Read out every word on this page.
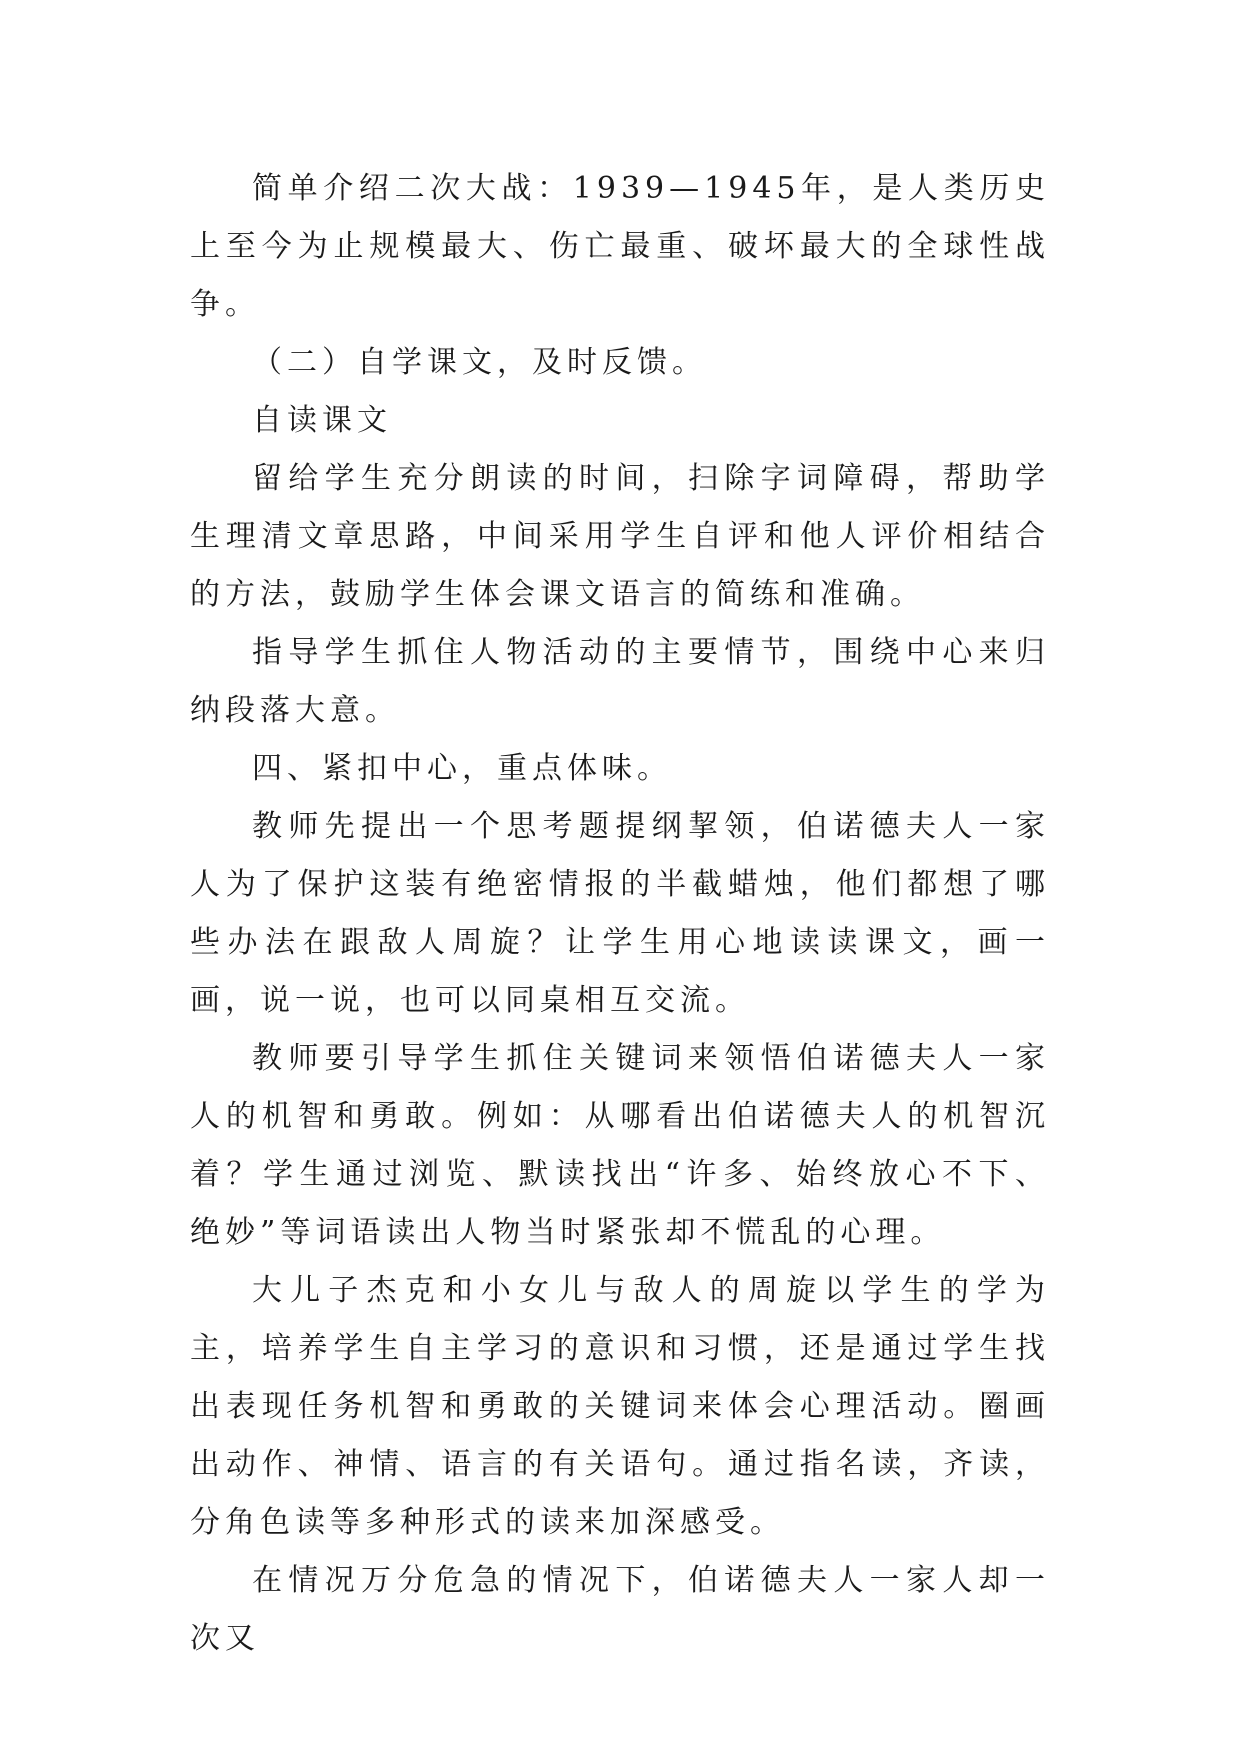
简单介绍二次大战：1939—1945年，是人类历史上至今为止规模最大、伤亡最重、破坏最大的全球性战争。

（二）自学课文，及时反馈。

自读课文

留给学生充分朗读的时间，扫除字词障碍，帮助学生理清文章思路，中间采用学生自评和他人评价相结合的方法，鼓励学生体会课文语言的简练和准确。

指导学生抓住人物活动的主要情节，围绕中心来归纳段落大意。

四、紧扣中心，重点体味。

教师先提出一个思考题提纲挈领，伯诺德夫人一家人为了保护这装有绝密情报的半截蜡烛，他们都想了哪些办法在跟敌人周旋？让学生用心地读读课文，画一画，说一说，也可以同桌相互交流。

教师要引导学生抓住关键词来领悟伯诺德夫人一家人的机智和勇敢。例如：从哪看出伯诺德夫人的机智沉着？学生通过浏览、默读找出“许多、始终放心不下、绝妙”等词语读出人物当时紧张却不慌乱的心理。

大儿子杰克和小女儿与敌人的周旋以学生的学为主，培养学生自主学习的意识和习惯，还是通过学生找出表现任务机智和勇敢的关键词来体会心理活动。圈画出动作、神情、语言的有关语句。通过指名读，齐读，分角色读等多种形式的读来加深感受。

在情况万分危急的情况下，伯诺德夫人一家人却一次又
